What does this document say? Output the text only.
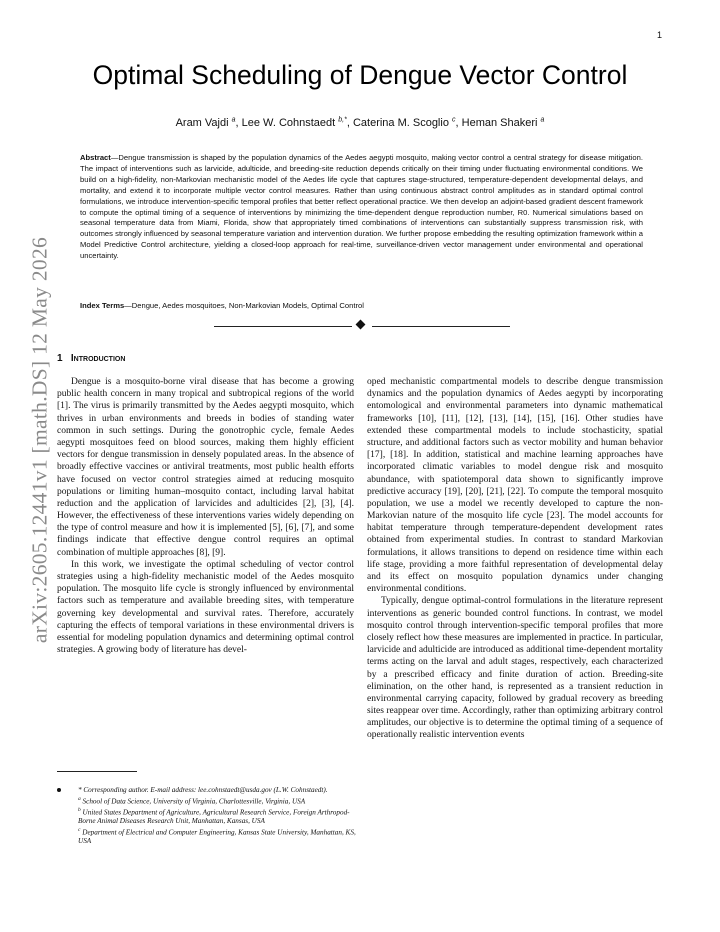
1
arXiv:2605.12441v1 [math.DS] 12 May 2026
Optimal Scheduling of Dengue Vector Control
Aram Vajdi $^a$, Lee W. Cohnstaedt $^{b,*}$, Caterina M. Scoglio $^c$, Heman Shakeri $^a$
Abstract—Dengue transmission is shaped by the population dynamics of the Aedes aegypti mosquito, making vector control a central strategy for disease mitigation. The impact of interventions such as larvicide, adulticide, and breeding-site reduction depends critically on their timing under fluctuating environmental conditions. We build on a high-fidelity, non-Markovian mechanistic model of the Aedes life cycle that captures stage-structured, temperature-dependent developmental delays, and mortality, and extend it to incorporate multiple vector control measures. Rather than using continuous abstract control amplitudes as in standard optimal control formulations, we introduce intervention-specific temporal profiles that better reflect operational practice. We then develop an adjoint-based gradient descent framework to compute the optimal timing of a sequence of interventions by minimizing the time-dependent dengue reproduction number, R0. Numerical simulations based on seasonal temperature data from Miami, Florida, show that appropriately timed combinations of interventions can substantially suppress transmission risk, with outcomes strongly influenced by seasonal temperature variation and intervention duration. We further propose embedding the resulting optimization framework within a Model Predictive Control architecture, yielding a closed-loop approach for real-time, surveillance-driven vector management under environmental and operational uncertainty.
Index Terms—Dengue, Aedes mosquitoes, Non-Markovian Models, Optimal Control
1 Introduction

Dengue is a mosquito-borne viral disease that has become a growing public health concern in many tropical and subtropical regions of the world [1]. The virus is primarily transmitted by the Aedes aegypti mosquito, which thrives in urban environments and breeds in bodies of standing water common in such settings. During the gonotrophic cycle, female Aedes aegypti mosquitoes feed on blood sources, making them highly efficient vectors for dengue transmission in densely populated areas. In the absence of broadly effective vaccines or antiviral treatments, most public health efforts have focused on vector control strategies aimed at reducing mosquito populations or limiting human–mosquito contact, including larval habitat reduction and the application of larvicides and adulticides [2], [3], [4]. However, the effectiveness of these interventions varies widely depending on the type of control measure and how it is implemented [5], [6], [7], and some findings indicate that effective dengue control requires an optimal combination of multiple approaches [8], [9].

In this work, we investigate the optimal scheduling of vector control strategies using a high-fidelity mechanistic model of the Aedes mosquito population. The mosquito life cycle is strongly influenced by environmental factors such as temperature and available breeding sites, with temperature governing key developmental and survival rates. Therefore, accurately capturing the effects of temporal variations in these environmental drivers is essential for modeling population dynamics and determining optimal control strategies. A growing body of literature has devel-

oped mechanistic compartmental models to describe dengue transmission dynamics and the population dynamics of Aedes aegypti by incorporating entomological and environmental parameters into dynamic mathematical frameworks [10], [11], [12], [13], [14], [15], [16]. Other studies have extended these compartmental models to include stochasticity, spatial structure, and additional factors such as vector mobility and human behavior [17], [18]. In addition, statistical and machine learning approaches have incorporated climatic variables to model dengue risk and mosquito abundance, with spatiotemporal data shown to significantly improve predictive accuracy [19], [20], [21], [22]. To compute the temporal mosquito population, we use a model we recently developed to capture the non-Markovian nature of the mosquito life cycle [23]. The model accounts for habitat temperature through temperature-dependent development rates obtained from experimental studies. In contrast to standard Markovian formulations, it allows transitions to depend on residence time within each life stage, providing a more faithful representation of developmental delay and its effect on mosquito population dynamics under changing environmental conditions.

Typically, dengue optimal-control formulations in the literature represent interventions as generic bounded control functions. In contrast, we model mosquito control through intervention-specific temporal profiles that more closely reflect how these measures are implemented in practice. In particular, larvicide and adulticide are introduced as additional time-dependent mortality terms acting on the larval and adult stages, respectively, each characterized by a prescribed efficacy and finite duration of action. Breeding-site elimination, on the other hand, is represented as a transient reduction in environmental carrying capacity, followed by gradual recovery as breeding sites reappear over time. Accordingly, rather than optimizing arbitrary control amplitudes, our objective is to determine the optimal timing of a sequence of operationally realistic intervention events

* Corresponding author. E-mail address: lee.cohnstaedt@usda.gov (L.W. Cohnstaedt).

$^a$ School of Data Science, University of Virginia, Charlottesville, Virginia, USA

$^b$ United States Department of Agriculture, Agricultural Research Service, Foreign Arthropod-Borne Animal Diseases Research Unit, Manhattan, Kansas, USA

$^c$ Department of Electrical and Computer Engineering, Kansas State University, Manhattan, KS, USA
